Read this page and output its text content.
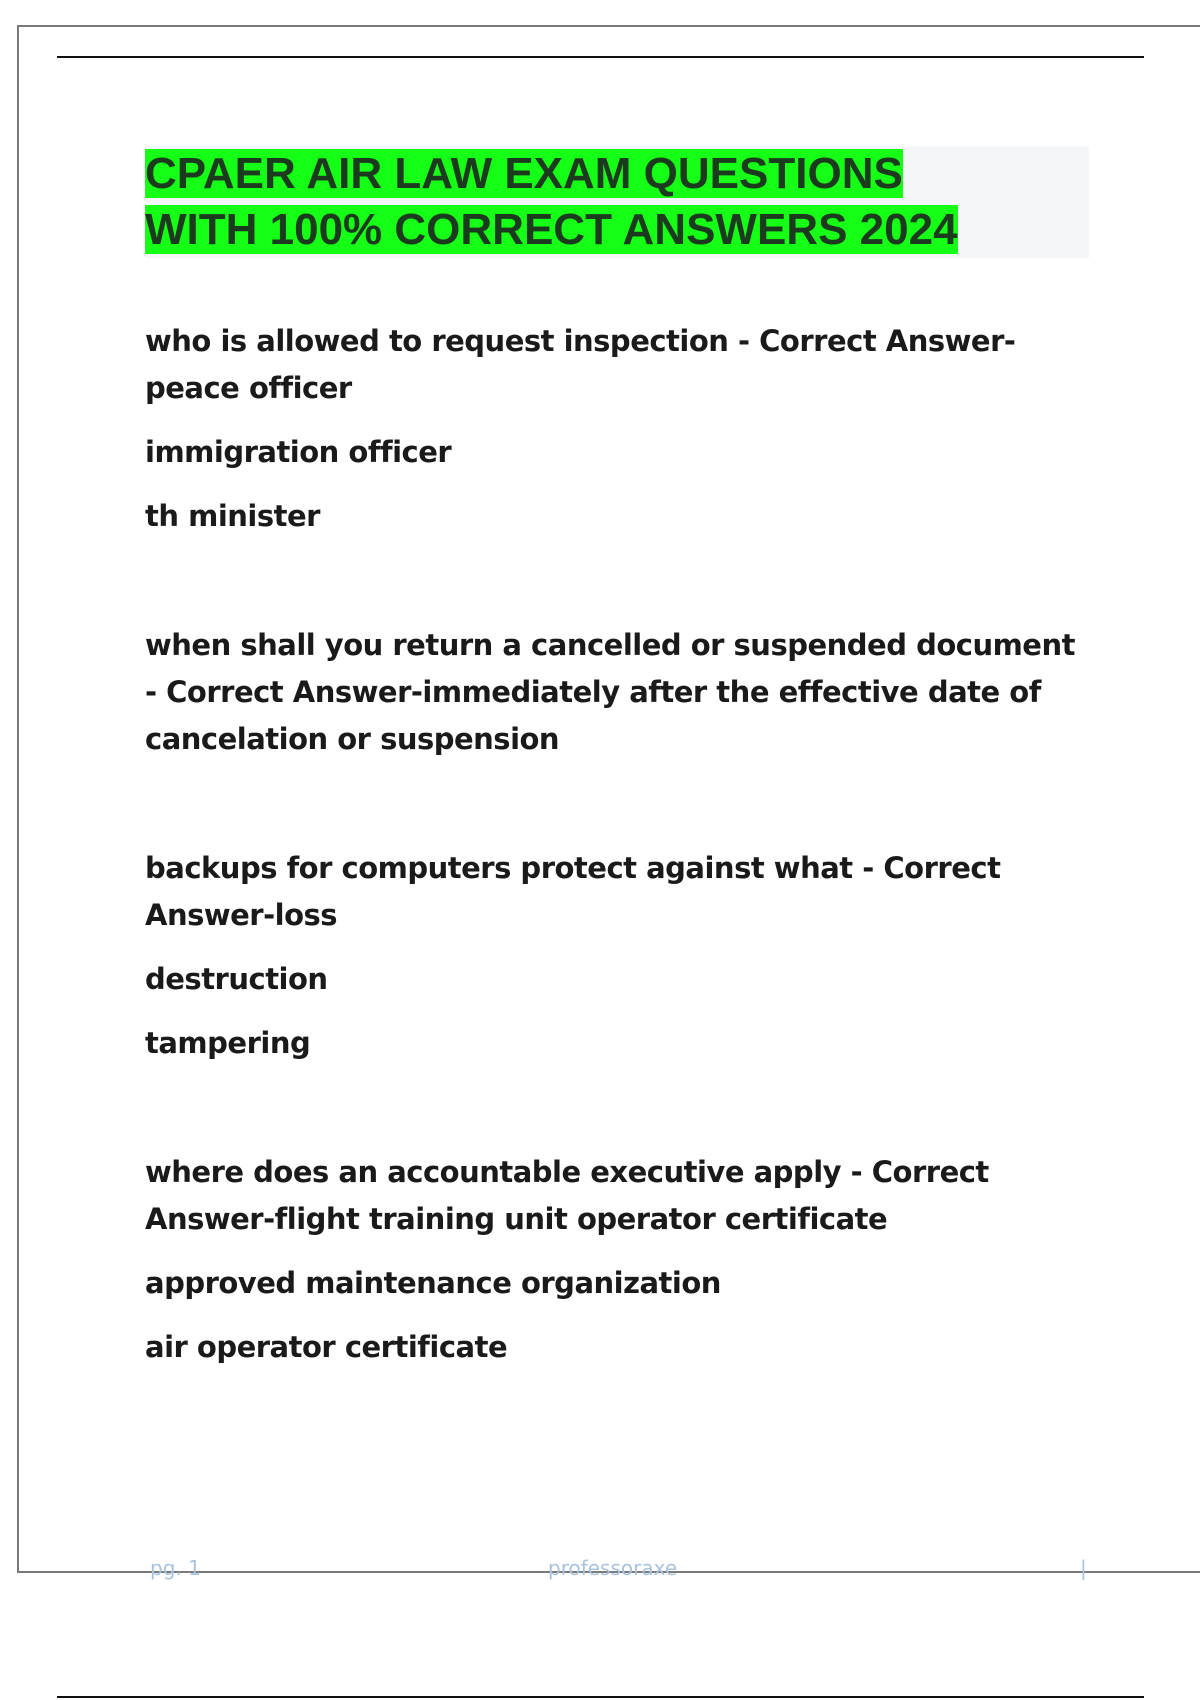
CPAER AIR LAW EXAM QUESTIONS
WITH 100% CORRECT ANSWERS 2024

who is allowed to request inspection - Correct Answer-peace officer

immigration officer

th minister

when shall you return a cancelled or suspended document - Correct Answer-immediately after the effective date of cancelation or suspension

backups for computers protect against what - Correct Answer-loss

destruction

tampering

where does an accountable executive apply - Correct Answer-flight training unit operator certificate

approved maintenance organization

air operator certificate

pg. 1	professoraxe	|
